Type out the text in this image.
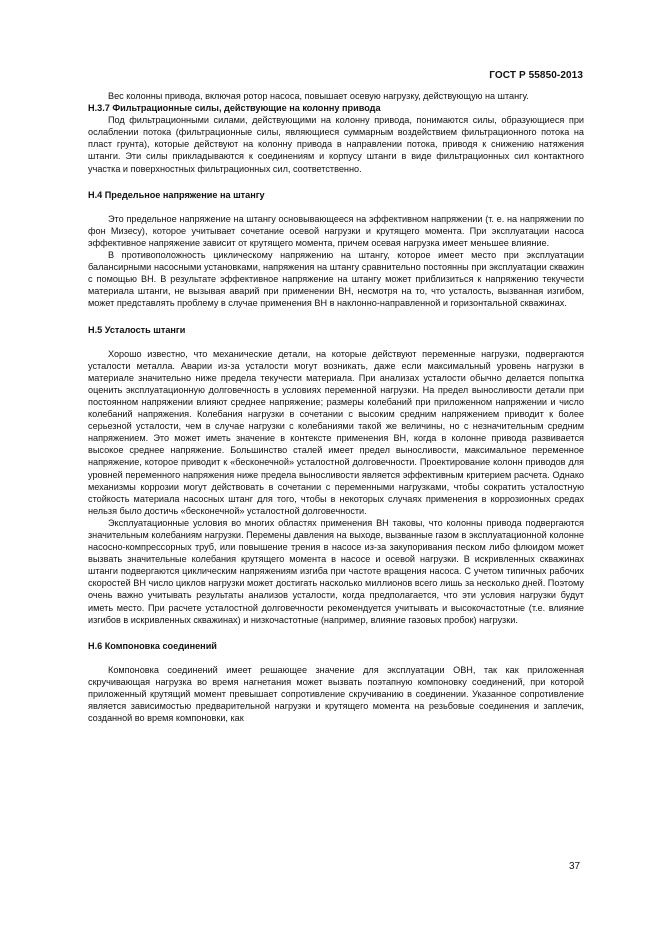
ГОСТ Р 55850-2013

Вес колонны привода, включая ротор насоса, повышает осевую нагрузку, действующую на штангу.

Н.3.7 Фильтрационные силы, действующие на колонну привода

Под фильтрационными силами, действующими на колонну привода, понимаются силы, образующиеся при ослаблении потока (фильтрационные силы, являющиеся суммарным воздействием фильтрационного потока на пласт грунта), которые действуют на колонну привода в направлении потока, приводя к снижению натяжения штанги. Эти силы прикладываются к соединениям и корпусу штанги в виде фильтрационных сил контактного участка и поверхностных фильтрационных сил, соответственно.

Н.4 Предельное напряжение на штангу

Это предельное напряжение на штангу основывающееся на эффективном напряжении (т. е. на напряжении по фон Мизесу), которое учитывает сочетание осевой нагрузки и крутящего момента. При эксплуатации насоса эффективное напряжение зависит от крутящего момента, причем осевая нагрузка имеет меньшее влияние.

В противоположность циклическому напряжению на штангу, которое имеет место при эксплуатации балансирными насосными установками, напряжения на штангу сравнительно постоянны при эксплуатации скважин с помощью ВН. В результате эффективное напряжение на штангу может приблизиться к напряжению текучести материала штанги, не вызывая аварий при применении ВН, несмотря на то, что усталость, вызванная изгибом, может представлять проблему в случае применения ВН в наклонно-направленной и горизонтальной скважинах.

Н.5 Усталость штанги

Хорошо известно, что механические детали, на которые действуют переменные нагрузки, подвергаются усталости металла. Аварии из-за усталости могут возникать, даже если максимальный уровень нагрузки в материале значительно ниже предела текучести материала. При анализах усталости обычно делается попытка оценить эксплуатационную долговечность в условиях переменной нагрузки. На предел выносливости детали при постоянном напряжении влияют среднее напряжение; размеры колебаний при приложенном напряжении и число колебаний напряжения. Колебания нагрузки в сочетании с высоким средним напряжением приводит к более серьезной усталости, чем в случае нагрузки с колебаниями такой же величины, но с незначительным средним напряжением. Это может иметь значение в контексте применения ВН, когда в колонне привода развивается высокое среднее напряжение. Большинство сталей имеет предел выносливости, максимальное переменное напряжение, которое приводит к «бесконечной» усталостной долговечности. Проектирование колонн приводов для уровней переменного напряжения ниже предела выносливости является эффективным критерием расчета. Однако механизмы коррозии могут действовать в сочетании с переменными нагрузками, чтобы сократить усталостную стойкость материала насосных штанг для того, чтобы в некоторых случаях применения в коррозионных средах нельзя было достичь «бесконечной» усталостной долговечности.

Эксплуатационные условия во многих областях применения ВН таковы, что колонны привода подвергаются значительным колебаниям нагрузки. Перемены давления на выходе, вызванные газом в эксплуатационной колонне насосно-компрессорных труб, или повышение трения в насосе из-за закупоривания песком либо флюидом может вызвать значительные колебания крутящего момента в насосе и осевой нагрузки. В искривленных скважинах штанги подвергаются циклическим напряжениям изгиба при частоте вращения насоса. С учетом типичных рабочих скоростей ВН число циклов нагрузки может достигать насколько миллионов всего лишь за несколько дней. Поэтому очень важно учитывать результаты анализов усталости, когда предполагается, что эти условия нагрузки будут иметь место. При расчете усталостной долговечности рекомендуется учитывать и высокочастотные (т.е. влияние изгибов в искривленных скважинах) и низкочастотные (например, влияние газовых пробок) нагрузки.

Н.6 Компоновка соединений

Компоновка соединений имеет решающее значение для эксплуатации ОВН, так как приложенная скручивающая нагрузка во время нагнетания может вызвать поэтапную компоновку соединений, при которой приложенный крутящий момент превышает сопротивление скручиванию в соединении. Указанное сопротивление является зависимостью предварительной нагрузки и крутящего момента на резьбовые соединения и заплечик, созданной во время компоновки, как

37
